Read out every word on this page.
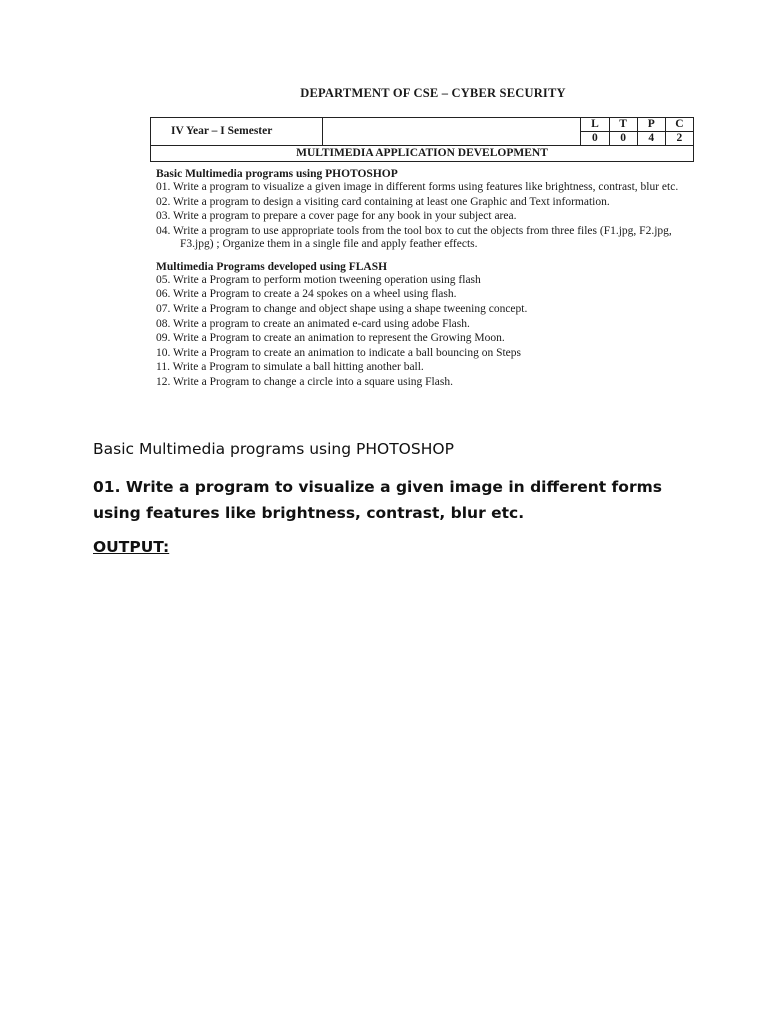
DEPARTMENT OF CSE – CYBER SECURITY
IV Year – I Semester		L	T	P	C
		0	0	4	2
MULTIMEDIA APPLICATION DEVELOPMENT					
Basic Multimedia programs using PHOTOSHOP
01. Write a program to visualize a given image in different forms using features like brightness, contrast, blur etc.
02. Write a program to design a visiting card containing at least one Graphic and Text information.
03. Write a program to prepare a cover page for any book in your subject area.
04. Write a program to use appropriate tools from the tool box to cut the objects from three files (F1.jpg, F2.jpg, F3.jpg) ; Organize them in a single file and apply feather effects.
Multimedia Programs developed using FLASH
05. Write a Program to perform motion tweening operation using flash
06. Write a Program to create a 24 spokes on a wheel using flash.
07. Write a Program to change and object shape using a shape tweening concept.
08. Write a program to create an animated e-card using adobe Flash.
09. Write a Program to create an animation to represent the Growing Moon.
10. Write a Program to create an animation to indicate a ball bouncing on Steps
11. Write a Program to simulate a ball hitting another ball.
12. Write a Program to change a circle into a square using Flash.

Basic Multimedia programs using PHOTOSHOP

01. Write a program to visualize a given image in different forms using features like brightness, contrast, blur etc.

OUTPUT:
